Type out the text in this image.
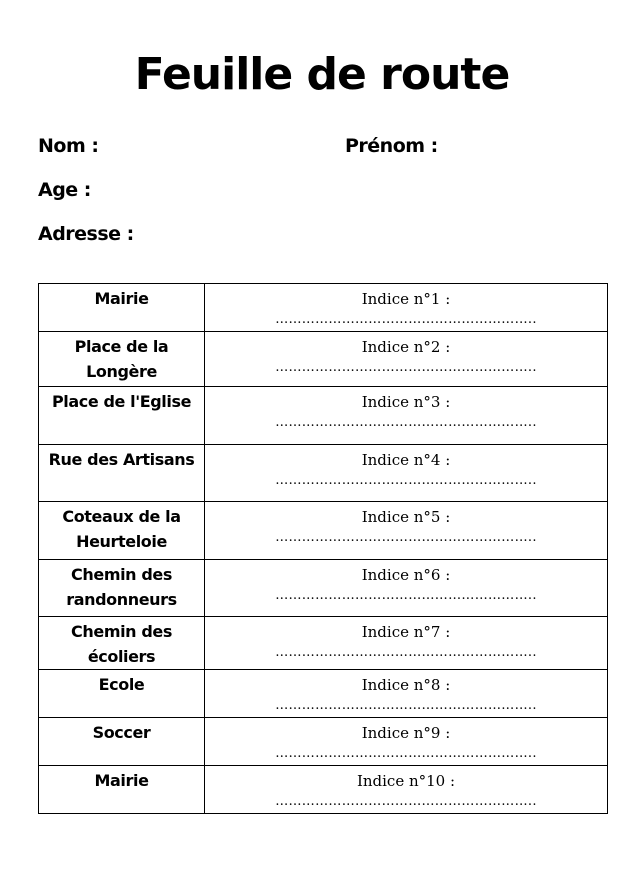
Feuille de route
Nom :	Prénom :
Age :
Adresse :
Mairie	Indice n°1 :
…………………………………………………..

Place de la Longère	Indice n°2 :
…………………………………………………..

Place de l'Eglise	Indice n°3 :
…………………………………………………..

Rue des Artisans	Indice n°4 :
…………………………………………………..

Coteaux de la Heurteloie	Indice n°5 :
…………………………………………………..

Chemin des randonneurs	Indice n°6 :
…………………………………………………..

Chemin des écoliers	Indice n°7 :
…………………………………………………..

Ecole	Indice n°8 :
…………………………………………………..

Soccer	Indice n°9 :
…………………………………………………..

Mairie	Indice n°10 :
…………………………………………………..
